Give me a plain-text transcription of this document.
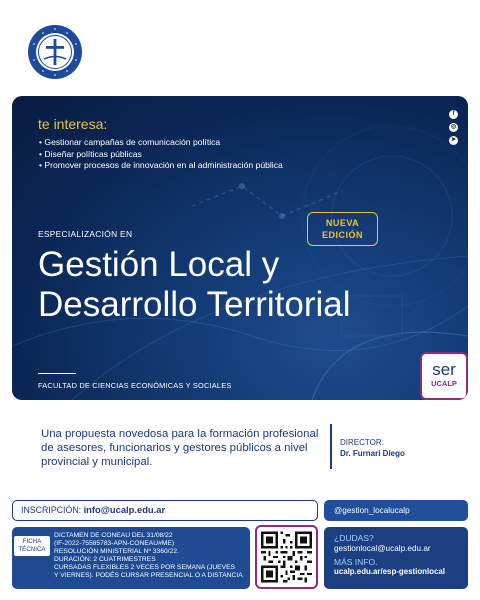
f
◎
➤
te interesa:
• Gestionar campañas de comunicación política
• Diseñar políticas públicas
• Promover procesos de innovación en al administración pública
ESPECIALIZACIÓN EN
NUEVA
EDICIÓN
Gestión Local y
Desarrollo Territorial
FACULTAD DE CIENCIAS ECONÓMICAS Y SOCIALES
ser
UCALP

Una propuesta novedosa para la formación profesional de asesores, funcionarios y gestores públicos a nivel provincial y municipal.

DIRECTOR:
Dr. Furnari Diego
INSCRIPCIÓN: info@ucalp.edu.ar	@gestion_localucalp
FICHA
TÉCNICA
DICTAMEN DE CONEAU DEL 31/08/22
(IF-2022-75585783-APN-CONEAU#ME)
RESOLUCIÓN MINISTERIAL Nº 3360/22.
DURACIÓN: 2 CUATRIMESTRES
CURSADAS FLEXIBLES 2 VECES POR SEMANA (JUEVES
Y VIERNES). PODÉS CURSAR PRESENCIAL O A DISTANCIA
¿DUDAS?
gestionlocal@ucalp.edu.ar
MÁS INFO.
ucalp.edu.ar/esp-gestionlocal
